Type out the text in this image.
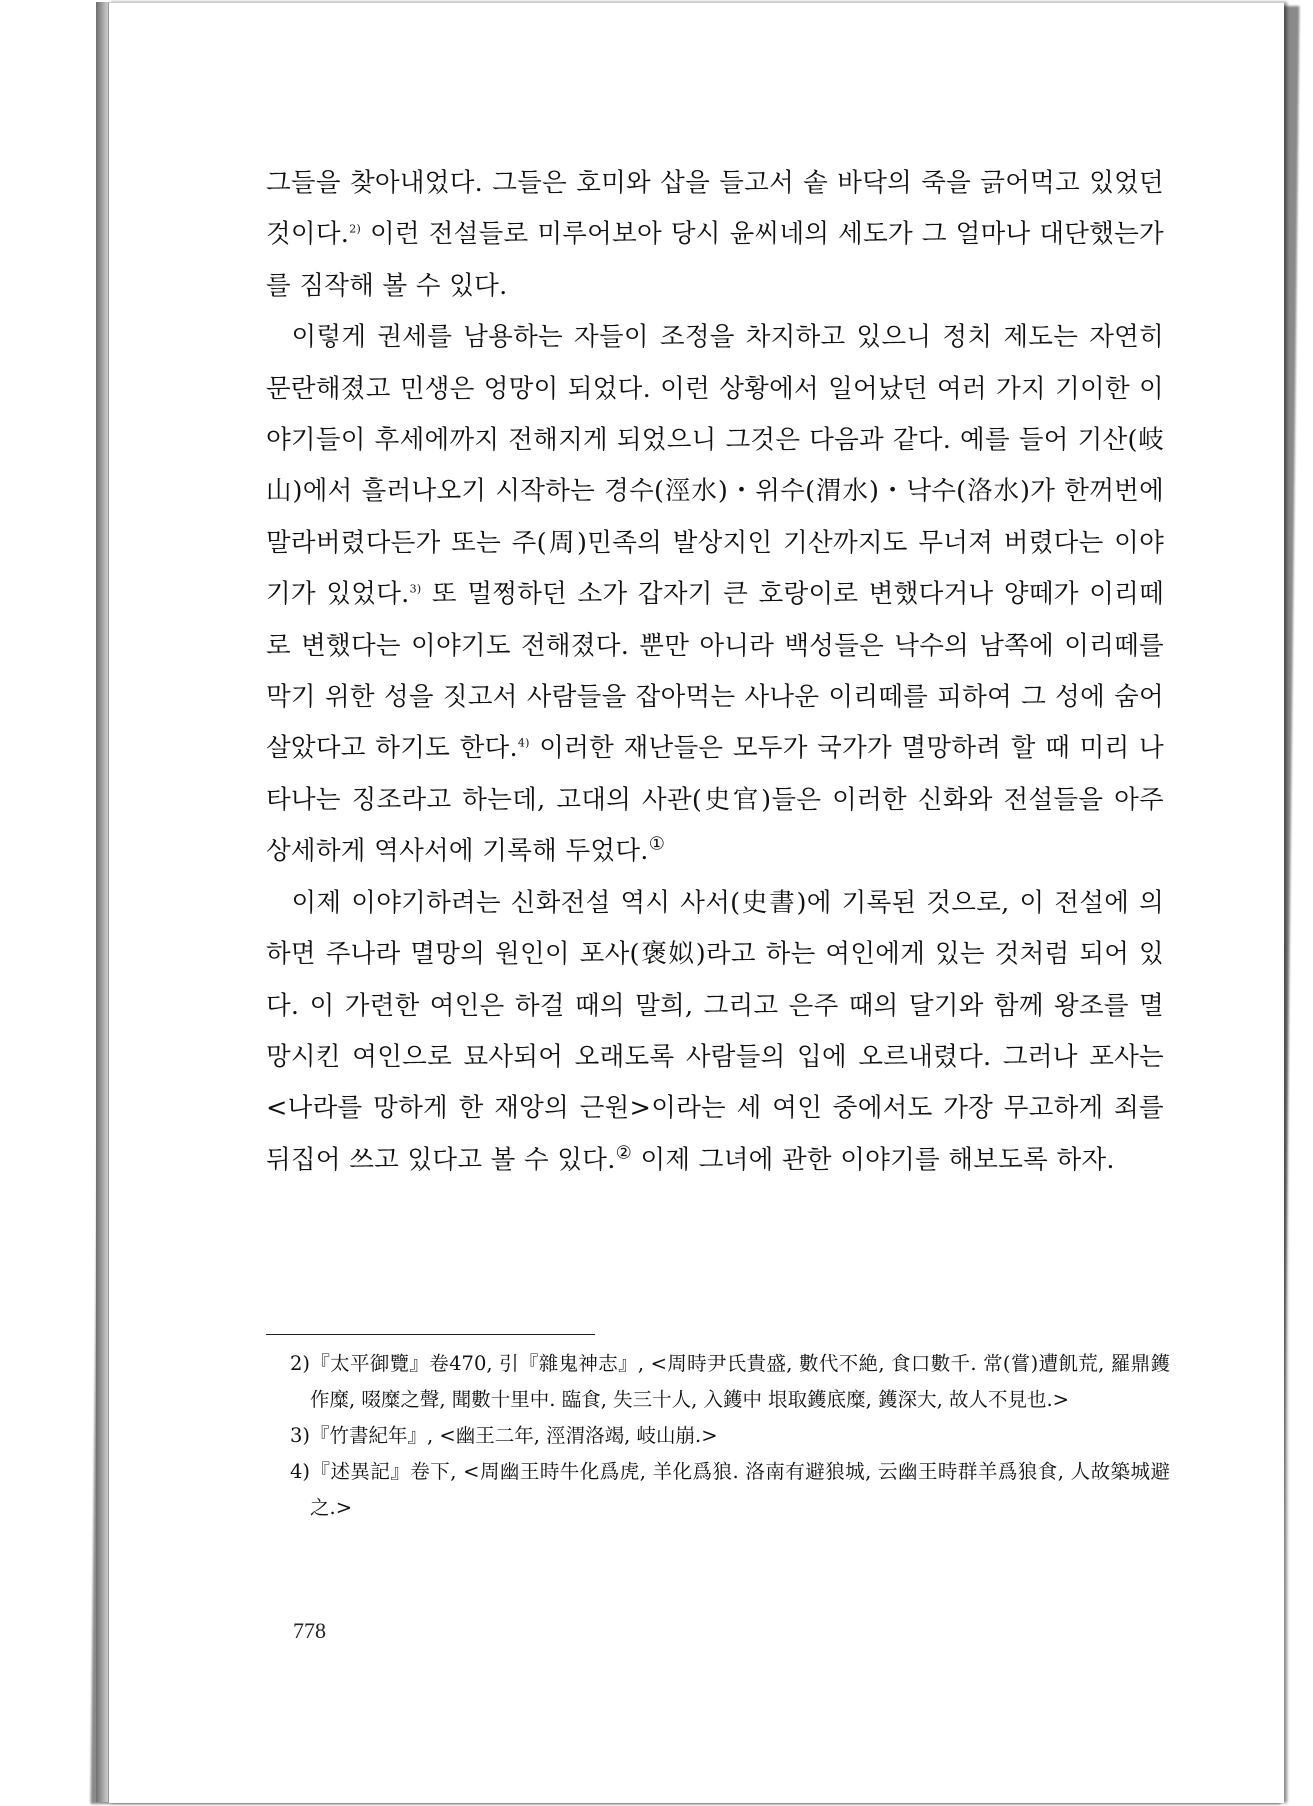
그들을 찾아내었다. 그들은 호미와 삽을 들고서 솥 바닥의 죽을 긁어먹고 있었던 것이다.$^{2)}$ 이런 전설들로 미루어보아 당시 윤씨네의 세도가 그 얼마나 대단했는가를 짐작해 볼 수 있다.

이렇게 권세를 남용하는 자들이 조정을 차지하고 있으니 정치 제도는 자연히 문란해졌고 민생은 엉망이 되었다. 이런 상황에서 일어났던 여러 가지 기이한 이야기들이 후세에까지 전해지게 되었으니 그것은 다음과 같다. 예를 들어 기산(岐山)에서 흘러나오기 시작하는 경수(涇水)・위수(渭水)・낙수(洛水)가 한꺼번에 말라버렸다든가 또는 주(周)민족의 발상지인 기산까지도 무너져 버렸다는 이야기가 있었다.$^{3)}$ 또 멀쩡하던 소가 갑자기 큰 호랑이로 변했다거나 양떼가 이리떼로 변했다는 이야기도 전해졌다. 뿐만 아니라 백성들은 낙수의 남쪽에 이리떼를 막기 위한 성을 짓고서 사람들을 잡아먹는 사나운 이리떼를 피하여 그 성에 숨어살았다고 하기도 한다.$^{4)}$ 이러한 재난들은 모두가 국가가 멸망하려 할 때 미리 나타나는 징조라고 하는데, 고대의 사관(史官)들은 이러한 신화와 전설들을 아주 상세하게 역사서에 기록해 두었다.①

이제 이야기하려는 신화전설 역시 사서(史書)에 기록된 것으로, 이 전설에 의하면 주나라 멸망의 원인이 포사(褒姒)라고 하는 여인에게 있는 것처럼 되어 있다. 이 가련한 여인은 하걸 때의 말희, 그리고 은주 때의 달기와 함께 왕조를 멸망시킨 여인으로 묘사되어 오래도록 사람들의 입에 오르내렸다. 그러나 포사는 <나라를 망하게 한 재앙의 근원>이라는 세 여인 중에서도 가장 무고하게 죄를 뒤집어 쓰고 있다고 볼 수 있다.② 이제 그녀에 관한 이야기를 해보도록 하자.

2)『太平御覽』卷470, 引『雜鬼神志』, <周時尹氏貴盛, 數代不絶, 食口數千. 常(嘗)遭飢荒, 羅鼎鑊作糜, 啜糜之聲, 聞數十里中. 臨食, 失三十人, 入鑊中 垠取鑊底糜, 鑊深大, 故人不見也.>

3)『竹書紀年』, <幽王二年, 涇渭洛竭, 岐山崩.>

4)『述異記』卷下, <周幽王時牛化爲虎, 羊化爲狼. 洛南有避狼城, 云幽王時群羊爲狼食, 人故築城避之.>

778
